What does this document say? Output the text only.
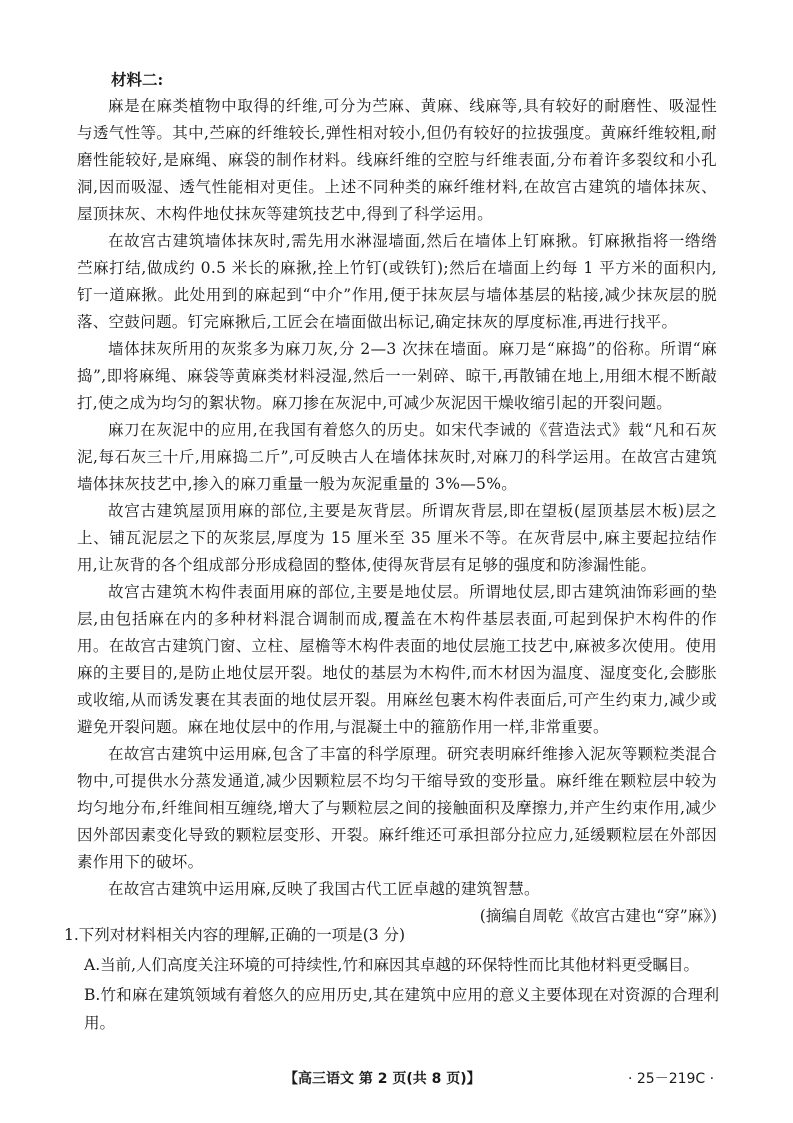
材料二:

麻是在麻类植物中取得的纤维,可分为苎麻、黄麻、线麻等,具有较好的耐磨性、吸湿性与透气性等。其中,苎麻的纤维较长,弹性相对较小,但仍有较好的拉拔强度。黄麻纤维较粗,耐磨性能较好,是麻绳、麻袋的制作材料。线麻纤维的空腔与纤维表面,分布着许多裂纹和小孔洞,因而吸湿、透气性能相对更佳。上述不同种类的麻纤维材料,在故宫古建筑的墙体抹灰、屋顶抹灰、木构件地仗抹灰等建筑技艺中,得到了科学运用。

在故宫古建筑墙体抹灰时,需先用水淋湿墙面,然后在墙体上钉麻揪。钉麻揪指将一绺绺苎麻打结,做成约 0.5 米长的麻揪,拴上竹钉(或铁钉);然后在墙面上约每 1 平方米的面积内,钉一道麻揪。此处用到的麻起到“中介”作用,便于抹灰层与墙体基层的粘接,减少抹灰层的脱落、空鼓问题。钉完麻揪后,工匠会在墙面做出标记,确定抹灰的厚度标准,再进行找平。

墙体抹灰所用的灰浆多为麻刀灰,分 2—3 次抹在墙面。麻刀是“麻捣”的俗称。所谓“麻捣”,即将麻绳、麻袋等黄麻类材料浸湿,然后一一剁碎、晾干,再散铺在地上,用细木棍不断敲打,使之成为均匀的絮状物。麻刀掺在灰泥中,可减少灰泥因干燥收缩引起的开裂问题。

麻刀在灰泥中的应用,在我国有着悠久的历史。如宋代李诫的《营造法式》载“凡和石灰泥,每石灰三十斤,用麻捣二斤”,可反映古人在墙体抹灰时,对麻刀的科学运用。在故宫古建筑墙体抹灰技艺中,掺入的麻刀重量一般为灰泥重量的 3%—5%。

故宫古建筑屋顶用麻的部位,主要是灰背层。所谓灰背层,即在望板(屋顶基层木板)层之上、铺瓦泥层之下的灰浆层,厚度为 15 厘米至 35 厘米不等。在灰背层中,麻主要起拉结作用,让灰背的各个组成部分形成稳固的整体,使得灰背层有足够的强度和防渗漏性能。

故宫古建筑木构件表面用麻的部位,主要是地仗层。所谓地仗层,即古建筑油饰彩画的垫层,由包括麻在内的多种材料混合调制而成,覆盖在木构件基层表面,可起到保护木构件的作用。在故宫古建筑门窗、立柱、屋檐等木构件表面的地仗层施工技艺中,麻被多次使用。使用麻的主要目的,是防止地仗层开裂。地仗的基层为木构件,而木材因为温度、湿度变化,会膨胀或收缩,从而诱发裹在其表面的地仗层开裂。用麻丝包裹木构件表面后,可产生约束力,减少或避免开裂问题。麻在地仗层中的作用,与混凝土中的箍筋作用一样,非常重要。

在故宫古建筑中运用麻,包含了丰富的科学原理。研究表明麻纤维掺入泥灰等颗粒类混合物中,可提供水分蒸发通道,减少因颗粒层不均匀干缩导致的变形量。麻纤维在颗粒层中较为均匀地分布,纤维间相互缠绕,增大了与颗粒层之间的接触面积及摩擦力,并产生约束作用,减少因外部因素变化导致的颗粒层变形、开裂。麻纤维还可承担部分拉应力,延缓颗粒层在外部因素作用下的破坏。

在故宫古建筑中运用麻,反映了我国古代工匠卓越的建筑智慧。

(摘编自周乾《故宫古建也“穿”麻》)

1.下列对材料相关内容的理解,正确的一项是(3 分)

A.当前,人们高度关注环境的可持续性,竹和麻因其卓越的环保特性而比其他材料更受瞩目。

B.竹和麻在建筑领域有着悠久的应用历史,其在建筑中应用的意义主要体现在对资源的合理利用。

【高三语文 第 2 页(共 8 页)】	· 25－219C ·
